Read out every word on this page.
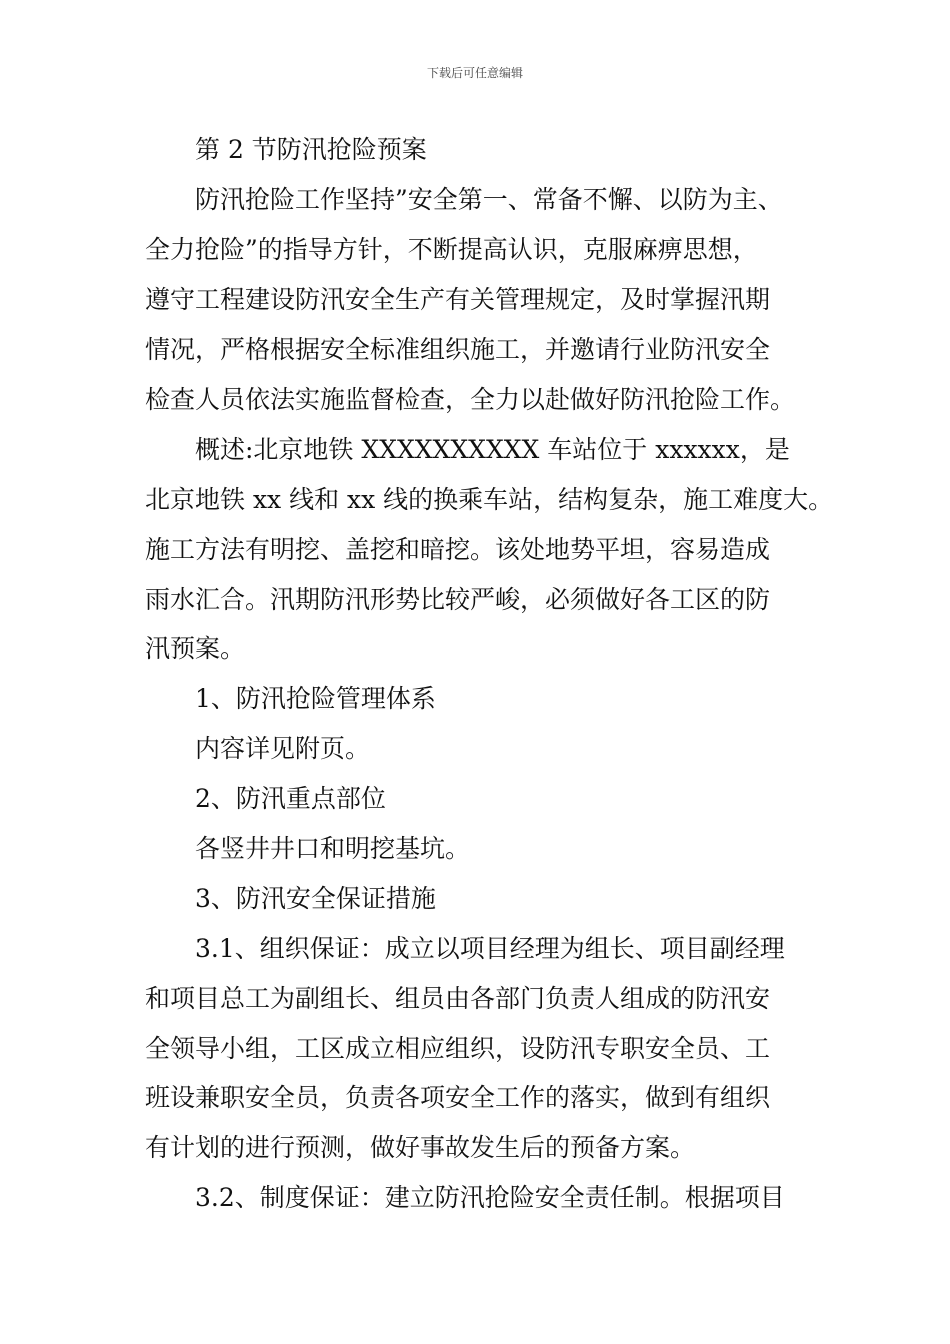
下载后可任意编辑
第 2 节防汛抢险预案
防汛抢险工作坚持”安全第一、常备不懈、以防为主、
全力抢险”的指导方针，不断提高认识，克服麻痹思想，
遵守工程建设防汛安全生产有关管理规定，及时掌握汛期
情况，严格根据安全标准组织施工，并邀请行业防汛安全
检查人员依法实施监督检查，全力以赴做好防汛抢险工作。
概述:北京地铁 XXXXXXXXXX 车站位于 xxxxxx，是
北京地铁 xx 线和 xx 线的换乘车站，结构复杂，施工难度大。
施工方法有明挖、盖挖和暗挖。该处地势平坦，容易造成
雨水汇合。汛期防汛形势比较严峻，必须做好各工区的防
汛预案。
1、防汛抢险管理体系
内容详见附页。
2、防汛重点部位
各竖井井口和明挖基坑。
3、防汛安全保证措施
3.1、组织保证：成立以项目经理为组长、项目副经理
和项目总工为副组长、组员由各部门负责人组成的防汛安
全领导小组，工区成立相应组织，设防汛专职安全员、工
班设兼职安全员，负责各项安全工作的落实，做到有组织
有计划的进行预测，做好事故发生后的预备方案。
3.2、制度保证：建立防汛抢险安全责任制。根据项目
